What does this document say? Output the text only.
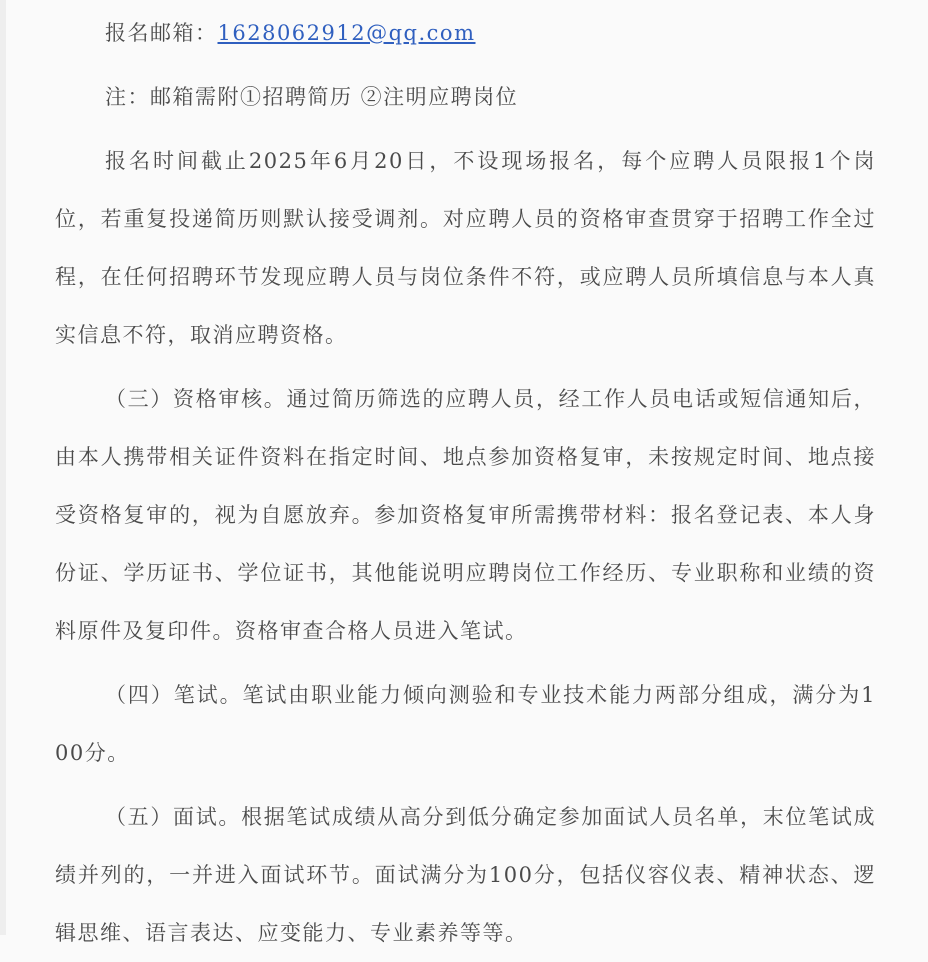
报名邮箱：1628062912@qq.com

注：邮箱需附①招聘简历 ②注明应聘岗位

报名时间截止2025年6月20日，不设现场报名，每个应聘人员限报1个岗位，若重复投递简历则默认接受调剂。对应聘人员的资格审查贯穿于招聘工作全过程，在任何招聘环节发现应聘人员与岗位条件不符，或应聘人员所填信息与本人真实信息不符，取消应聘资格。

（三）资格审核。通过简历筛选的应聘人员，经工作人员电话或短信通知后，由本人携带相关证件资料在指定时间、地点参加资格复审，未按规定时间、地点接受资格复审的，视为自愿放弃。参加资格复审所需携带材料：报名登记表、本人身份证、学历证书、学位证书，其他能说明应聘岗位工作经历、专业职称和业绩的资料原件及复印件。资格审查合格人员进入笔试。

（四）笔试。笔试由职业能力倾向测验和专业技术能力两部分组成，满分为100分。

（五）面试。根据笔试成绩从高分到低分确定参加面试人员名单，末位笔试成绩并列的，一并进入面试环节。面试满分为100分，包括仪容仪表、精神状态、逻辑思维、语言表达、应变能力、专业素养等等。
